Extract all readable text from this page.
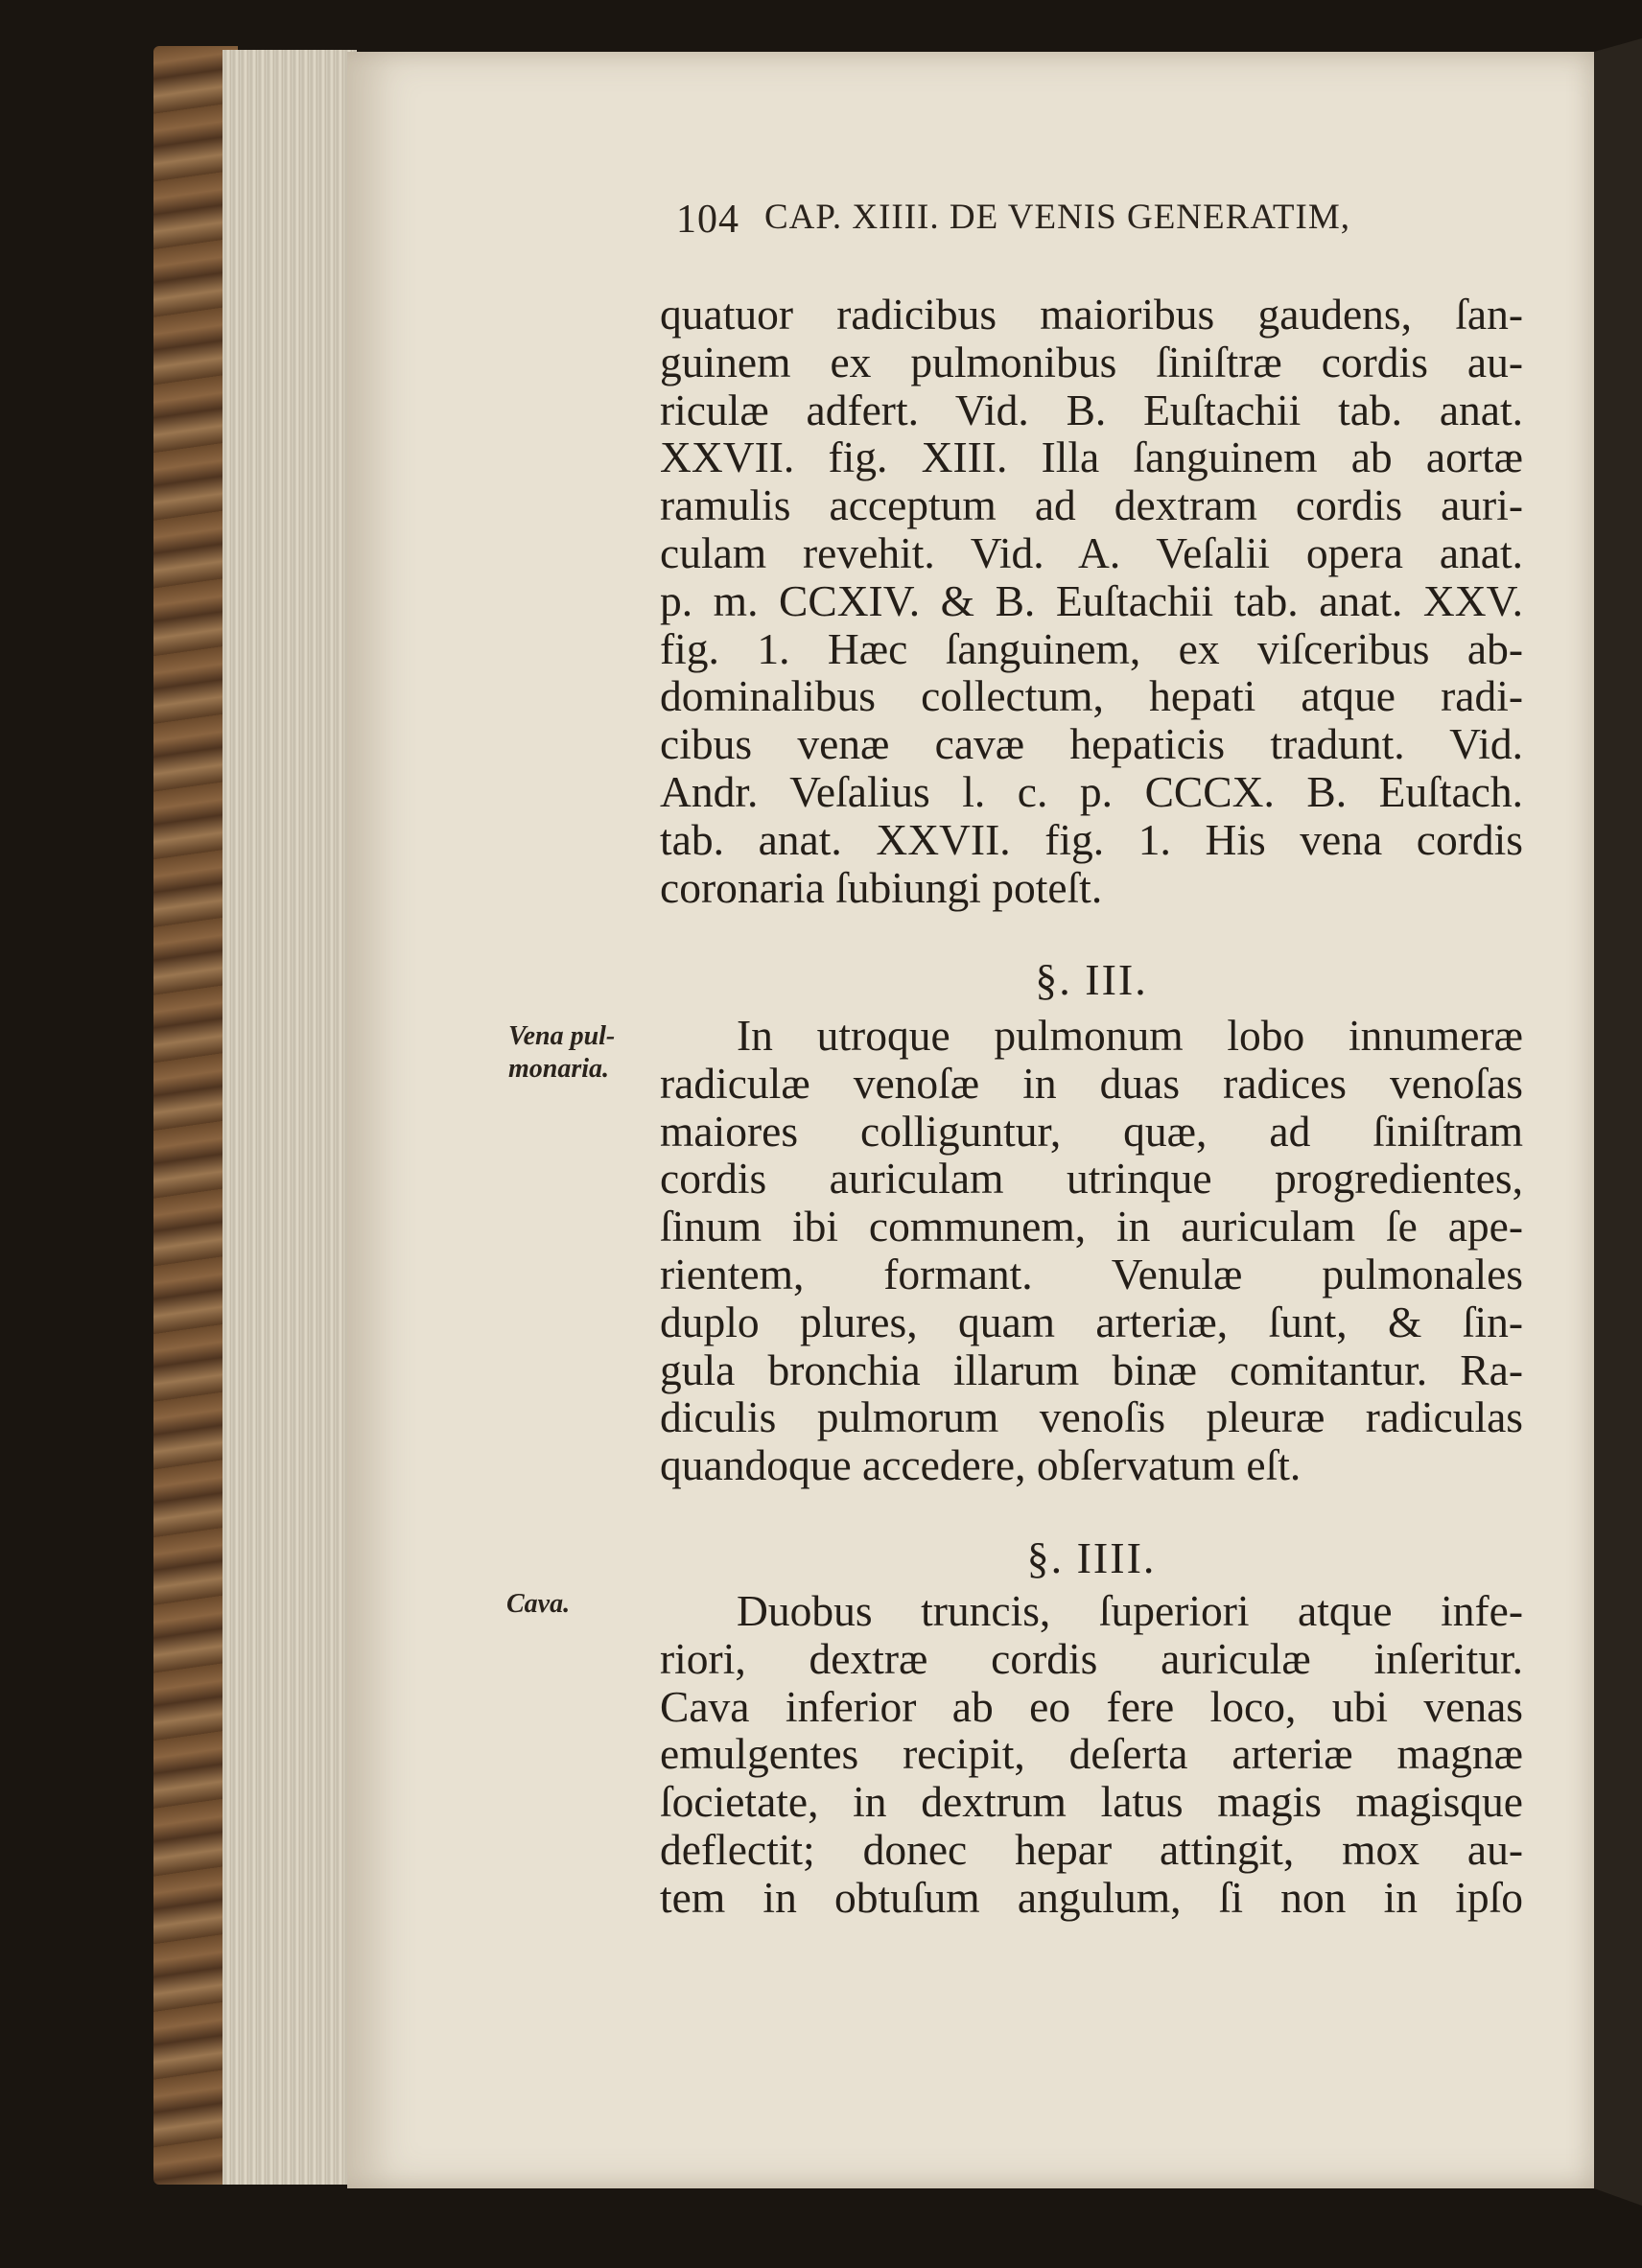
104 CAP. XIIII. DE VENIS GENERATIM,
quatuor radicibus maioribus gaudens, ſan-
guinem ex pulmonibus ſiniſtræ cordis au-
riculæ adfert. Vid. B. Euſtachii tab. anat.
XXVII. fig. XIII. Illa ſanguinem ab aortæ
ramulis acceptum ad dextram cordis auri-
culam revehit. Vid. A. Veſalii opera anat.
p. m. CCXIV. & B. Euſtachii tab. anat. XXV.
fig. 1. Hæc ſanguinem, ex viſceribus ab-
dominalibus collectum, hepati atque radi-
cibus venæ cavæ hepaticis tradunt. Vid.
Andr. Veſalius l. c. p. CCCX. B. Euſtach.
tab. anat. XXVII. fig. 1. His vena cordis
coronaria ſubiungi poteſt.
§. III.
Vena pul-
monaria.
In utroque pulmonum lobo innumeræ
radiculæ venoſæ in duas radices venoſas
maiores colliguntur, quæ, ad ſiniſtram
cordis auriculam utrinque progredientes,
ſinum ibi communem, in auriculam ſe ape-
rientem, formant. Venulæ pulmonales
duplo plures, quam arteriæ, ſunt, & ſin-
gula bronchia illarum binæ comitantur. Ra-
diculis pulmorum venoſis pleuræ radiculas
quandoque accedere, obſervatum eſt.
§. IIII.
Cava.	Duobus truncis, ſuperiori atque infe-
riori, dextræ cordis auriculæ inſeritur.
Cava inferior ab eo fere loco, ubi venas
emulgentes recipit, deſerta arteriæ magnæ
ſocietate, in dextrum latus magis magisque
deflectit; donec hepar attingit, mox au-
tem in obtuſum angulum, ſi non in ipſo
